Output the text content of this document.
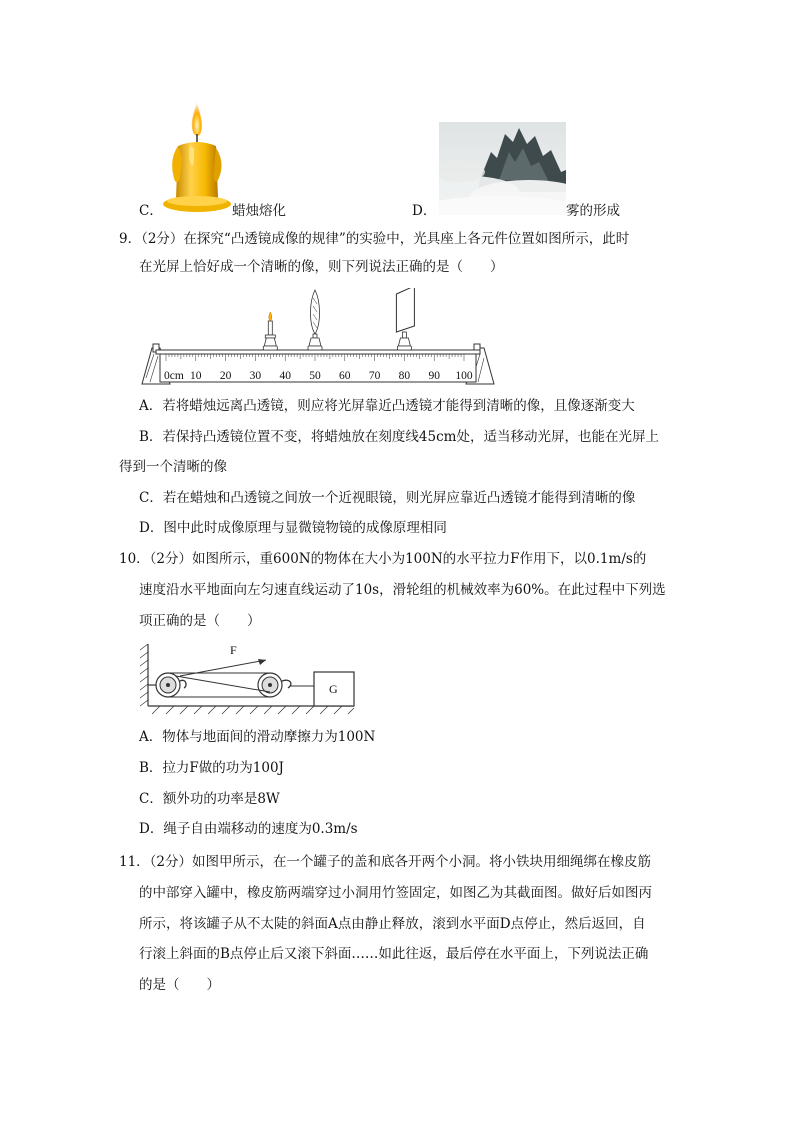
C．	蜡烛熔化	D．	雾的形成
9．（2分）在探究“凸透镜成像的规律”的实验中，光具座上各元件位置如图所示，此时
在光屏上恰好成一个清晰的像，则下列说法正确的是（　　）
0cm 10 20 30 40 50 60 70 80 90 100
A．若将蜡烛远离凸透镜，则应将光屏靠近凸透镜才能得到清晰的像，且像逐渐变大
B．若保持凸透镜位置不变，将蜡烛放在刻度线45cm处，适当移动光屏，也能在光屏上
得到一个清晰的像
C．若在蜡烛和凸透镜之间放一个近视眼镜，则光屏应靠近凸透镜才能得到清晰的像
D．图中此时成像原理与显微镜物镜的成像原理相同
10．（2分）如图所示，重600N的物体在大小为100N的水平拉力F作用下，以0.1m/s的
速度沿水平地面向左匀速直线运动了10s，滑轮组的机械效率为60%。在此过程中下列选
项正确的是（　　）
F
G
A．物体与地面间的滑动摩擦力为100N
B．拉力F做的功为100J
C．额外功的功率是8W
D．绳子自由端移动的速度为0.3m/s
11．（2分）如图甲所示，在一个罐子的盖和底各开两个小洞。将小铁块用细绳绑在橡皮筋
的中部穿入罐中，橡皮筋两端穿过小洞用竹签固定，如图乙为其截面图。做好后如图丙
所示，将该罐子从不太陡的斜面A点由静止释放，滚到水平面D点停止，然后返回，自
行滚上斜面的B点停止后又滚下斜面……如此往返，最后停在水平面上，下列说法正确
的是（　　）
